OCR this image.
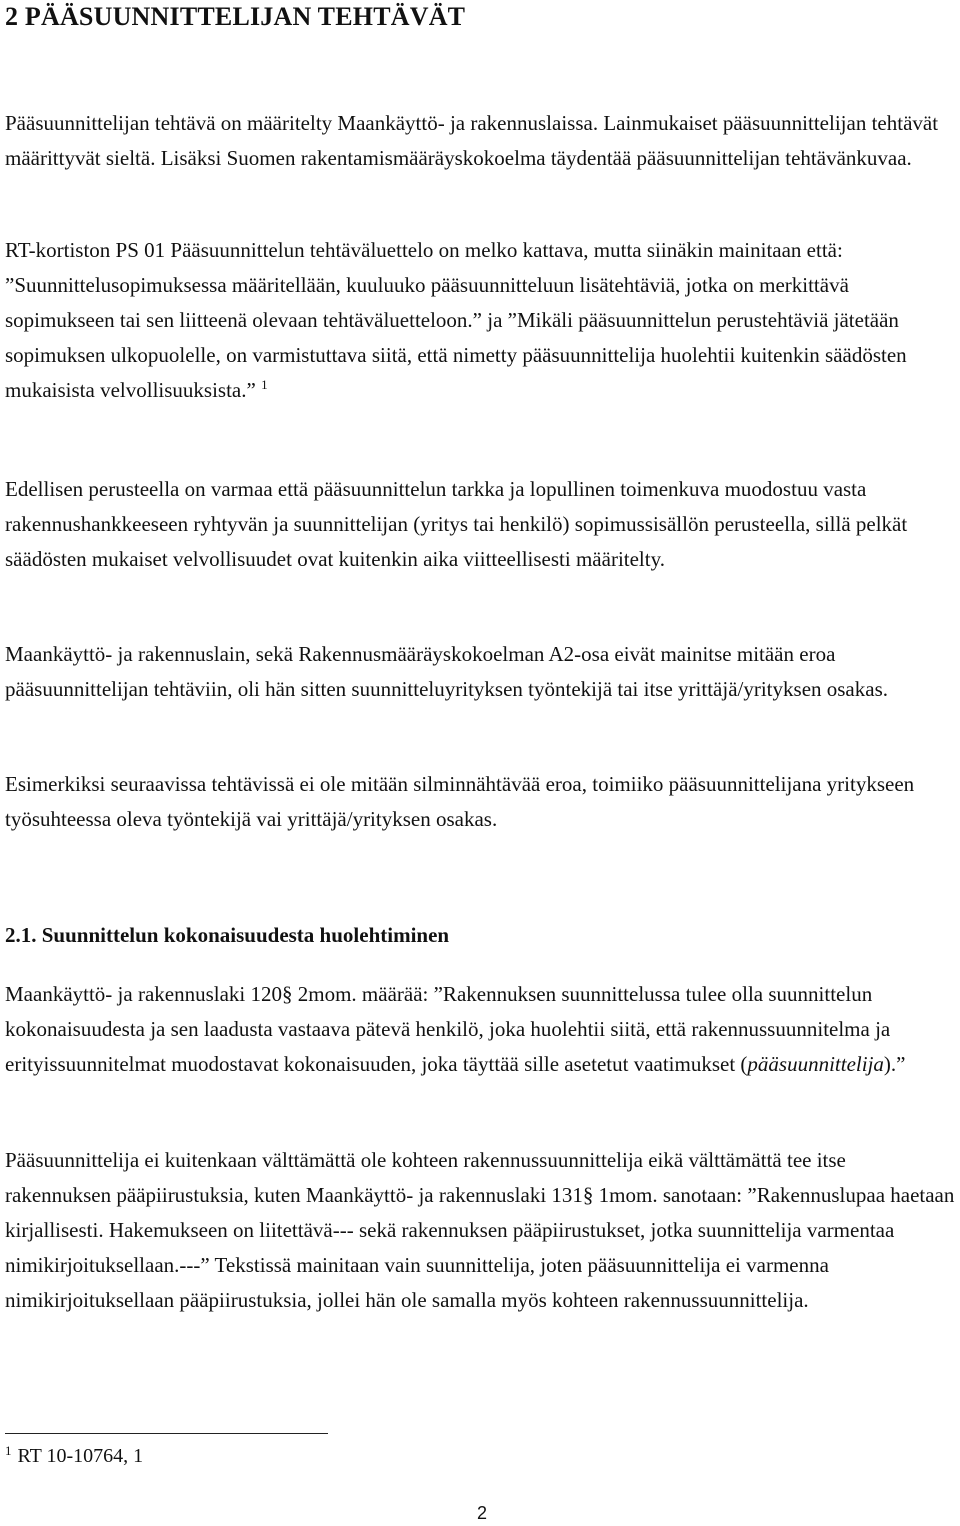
2 PÄÄSUUNNITTELIJAN TEHTÄVÄT

Pääsuunnittelijan tehtävä on määritelty Maankäyttö- ja rakennuslaissa. Lainmukaiset pääsuunnittelijan tehtävät määrittyvät sieltä. Lisäksi Suomen rakentamismääräyskokoelma täydentää pääsuunnittelijan tehtävänkuvaa.

RT-kortiston PS 01 Pääsuunnittelun tehtäväluettelo on melko kattava, mutta siinäkin mainitaan että: ”Suunnittelusopimuksessa määritellään, kuuluuko pääsuunnitteluun lisätehtäviä, jotka on merkittävä sopimukseen tai sen liitteenä olevaan tehtäväluetteloon.” ja ”Mikäli pääsuunnittelun perustehtäviä jätetään sopimuksen ulkopuolelle, on varmistuttava siitä, että nimetty pääsuunnittelija huolehtii kuitenkin säädösten mukaisista velvollisuuksista.” $^1$

Edellisen perusteella on varmaa että pääsuunnittelun tarkka ja lopullinen toimenkuva muodostuu vasta rakennushankkeeseen ryhtyvän ja suunnittelijan (yritys tai henkilö) sopimussisällön perusteella, sillä pelkät säädösten mukaiset velvollisuudet ovat kuitenkin aika viitteellisesti määritelty.

Maankäyttö- ja rakennuslain, sekä Rakennusmääräyskokoelman A2-osa eivät mainitse mitään eroa pääsuunnittelijan tehtäviin, oli hän sitten suunnitteluyrityksen työntekijä tai itse yrittäjä/yrityksen osakas.

Esimerkiksi seuraavissa tehtävissä ei ole mitään silminnähtävää eroa, toimiiko pääsuunnittelijana yritykseen työsuhteessa oleva työntekijä vai yrittäjä/yrityksen osakas.

2.1. Suunnittelun kokonaisuudesta huolehtiminen

Maankäyttö- ja rakennuslaki 120§ 2mom. määrää: ”Rakennuksen suunnittelussa tulee olla suunnittelun kokonaisuudesta ja sen laadusta vastaava pätevä henkilö, joka huolehtii siitä, että rakennussuunnitelma ja erityissuunnitelmat muodostavat kokonaisuuden, joka täyttää sille asetetut vaatimukset (pääsuunnittelija).”

Pääsuunnittelija ei kuitenkaan välttämättä ole kohteen rakennussuunnittelija eikä välttämättä tee itse rakennuksen pääpiirustuksia, kuten Maankäyttö- ja rakennuslaki 131§ 1mom. sanotaan: ”Rakennuslupaa haetaan kirjallisesti. Hakemukseen on liitettävä--- sekä rakennuksen pääpiirustukset, jotka suunnittelija varmentaa nimikirjoituksellaan.---” Tekstissä mainitaan vain suunnittelija, joten pääsuunnittelija ei varmenna nimikirjoituksellaan pääpiirustuksia, jollei hän ole samalla myös kohteen rakennussuunnittelija.

$^1$ RT 10-10764, 1
2
